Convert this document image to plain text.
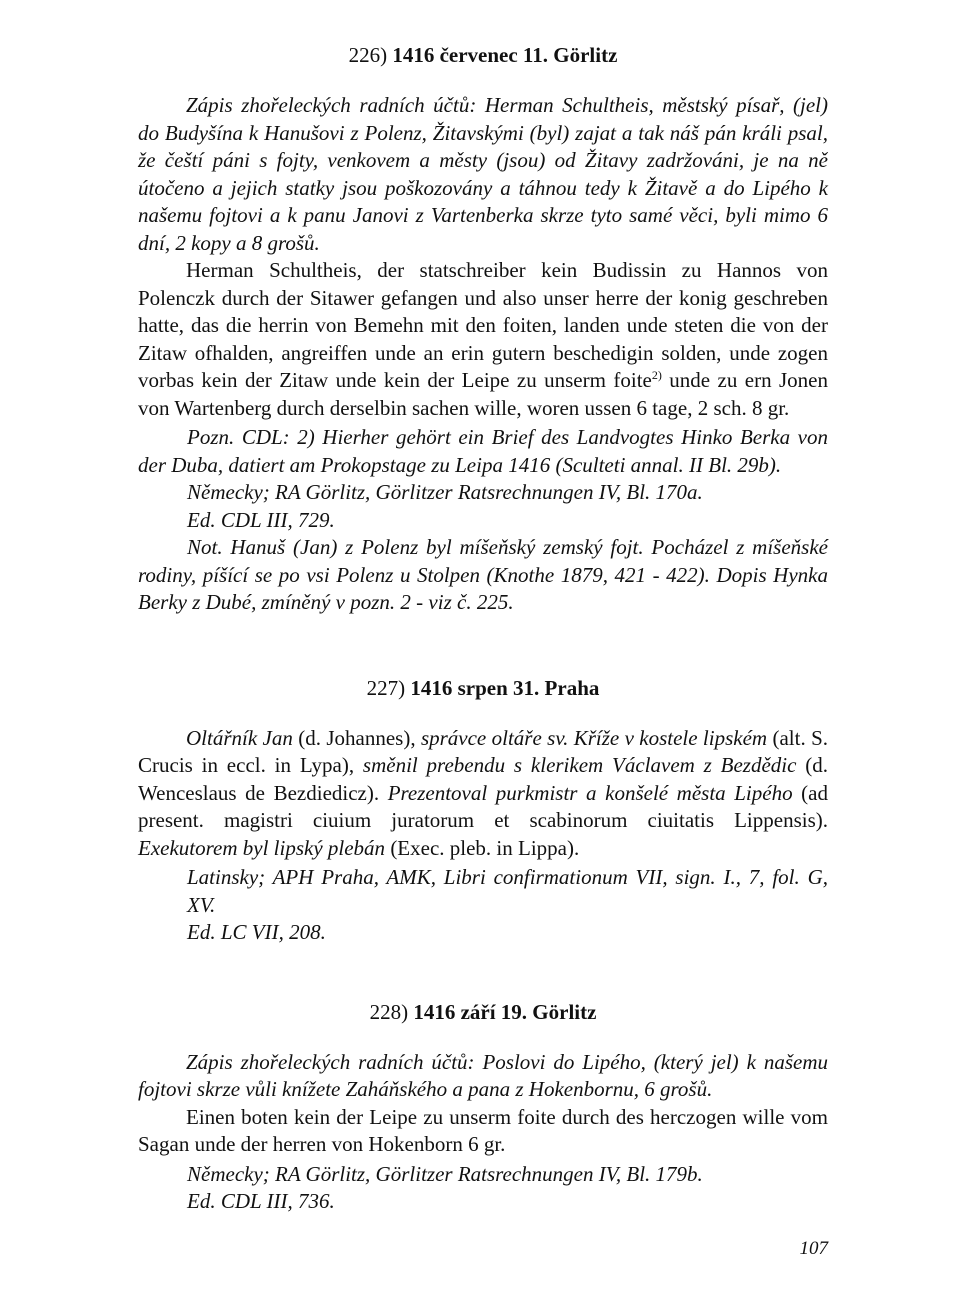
226) 1416 červenec 11. Görlitz

Zápis zhořeleckých radních účtů: Herman Schultheis, městský písař, (jel) do Budyšína k Hanušovi z Polenz, Žitavskými (byl) zajat a tak náš pán králi psal, že čeští páni s fojty, venkovem a městy (jsou) od Žitavy zadržováni, je na ně útočeno a jejich statky jsou poškozovány a táhnou tedy k Žitavě a do Lipého k našemu fojtovi a k panu Janovi z Vartenberka skrze tyto samé věci, byli mimo 6 dní, 2 kopy a 8 grošů.

Herman Schultheis, der statschreiber kein Budissin zu Hannos von Polenczk durch der Sitawer gefangen und also unser herre der konig geschreben hatte, das die herrin von Bemehn mit den foiten, landen unde steten die von der Zitaw ofhalden, angreiffen unde an erin gutern beschedigin solden, unde zogen vorbas kein der Zitaw unde kein der Leipe zu unserm foite$^{2)}$ unde zu ern Jonen von Wartenberg durch derselbin sachen wille, woren ussen 6 tage, 2 sch. 8 gr.

Pozn. CDL: 2) Hierher gehört ein Brief des Landvogtes Hinko Berka von der Duba, datiert am Prokopstage zu Leipa 1416 (Sculteti annal. II Bl. 29b).

Německy; RA Görlitz, Görlitzer Ratsrechnungen IV, Bl. 170a.

Ed. CDL III, 729.

Not. Hanuš (Jan) z Polenz byl míšeňský zemský fojt. Pocházel z míšeňské rodiny, píšící se po vsi Polenz u Stolpen (Knothe 1879, 421 - 422). Dopis Hynka Berky z Dubé, zmíněný v pozn. 2 - viz č. 225.

227) 1416 srpen 31. Praha

Oltářník Jan (d. Johannes), správce oltáře sv. Kříže v kostele lipském (alt. S. Crucis in eccl. in Lypa), směnil prebendu s klerikem Václavem z Bezdědic (d. Wenceslaus de Bezdiedicz). Prezentoval purkmistr a konšelé města Lipého (ad present. magistri ciuium juratorum et scabinorum ciuitatis Lippensis). Exekutorem byl lipský plebán (Exec. pleb. in Lippa).

Latinsky; APH Praha, AMK, Libri confirmationum VII, sign. I., 7, fol. G, XV.

Ed. LC VII, 208.

228) 1416 září 19. Görlitz

Zápis zhořeleckých radních účtů: Poslovi do Lipého, (který jel) k našemu fojtovi skrze vůli knížete Zaháňského a pana z Hokenbornu, 6 grošů.

Einen boten kein der Leipe zu unserm foite durch des herczogen wille vom Sagan unde der herren von Hokenborn 6 gr.

Německy; RA Görlitz, Görlitzer Ratsrechnungen IV, Bl. 179b.

Ed. CDL III, 736.

107
